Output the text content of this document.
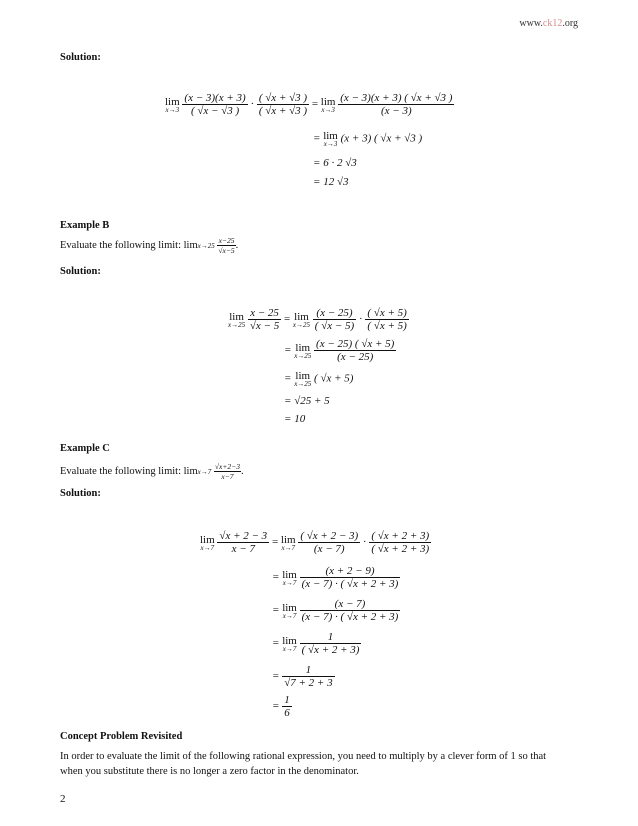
www.ck12.org
Solution:
lim
x→3
$\frac{(x - 3)(x + 3)}{( √x - √3 )} \cdot \frac{( √x + √3 )}{( √x + √3 )} = \lim$
x→3
$\frac{(x - 3)(x + 3) ( √x + √3 )}{(x - 3)}$
= lim
x→3 (x + 3) ( √x + √3 )
= 6 · 2 √3
= 12 √3
Example B
Evaluate the following limit: $\lim x\to 25 \frac{x-25}{√x-5}$ .
Solution:
lim
x→25
$\frac{x - 25}{√x - 5} = \lim$
x→25
$\frac{(x - 25)}{( √x - 5)} \cdot \frac{( √x + 5)}{( √x + 5)}$
= lim
x→25
$\frac{(x - 25) ( √x + 5)}{(x - 25)}$
= lim
x→25 ( √x + 5)
= √25 + 5
= 10
Example C
Evaluate the following limit: $\lim x\to 7 \frac{√x+2-3}{x-7}$ .
Solution:
lim
x→7
$\frac{√x + 2 - 3}{x - 7} = \lim$
x→7
$\frac{( √x + 2 - 3)}{(x - 7)} \cdot \frac{( √x + 2 + 3)}{( √x + 2 + 3)}$
= lim
x→7
$\frac{(x + 2 - 9)}{(x - 7) \cdot ( √x + 2 + 3)}$
= lim
x→7
$\frac{(x - 7)}{(x - 7) \cdot ( √x + 2 + 3)}$
= lim
x→7
$\frac{1}{( √x + 2 + 3)}$
= $\frac{1}{√7 + 2 + 3}$
= $\frac{1}{6}$
Concept Problem Revisited
In order to evaluate the limit of the following rational expression, you need to multiply by a clever form of 1 so that
when you substitute there is no longer a zero factor in the denominator.
2
